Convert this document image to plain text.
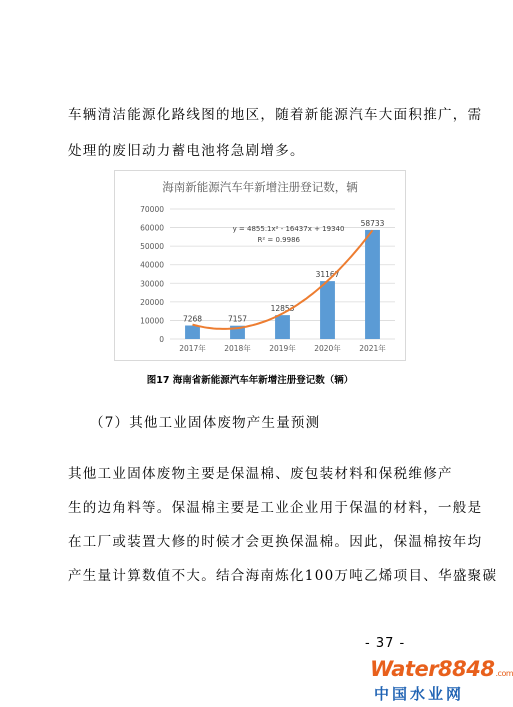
车辆清洁能源化路线图的地区，随着新能源汽车大面积推广，需
处理的废旧动力蓄电池将急剧增多。
海南新能源汽车年新增注册登记数，辆
0
10000
20000
30000
40000
50000
60000
70000
7268
2017年
7157
2018年
12853
2019年
31167
2020年
58733
2021年
y = 4855.1x² - 16437x + 19340
R² = 0.9986
图17 海南省新能源汽车年新增注册登记数（辆）
（7）其他工业固体废物产生量预测
其他工业固体废物主要是保温棉、废包装材料和保税维修产
生的边角料等。保温棉主要是工业企业用于保温的材料，一般是
在工厂或装置大修的时候才会更换保温棉。因此，保温棉按年均
产生量计算数值不大。结合海南炼化100万吨乙烯项目、华盛聚碳
- 37 -
Water8848.com
中国水业网
